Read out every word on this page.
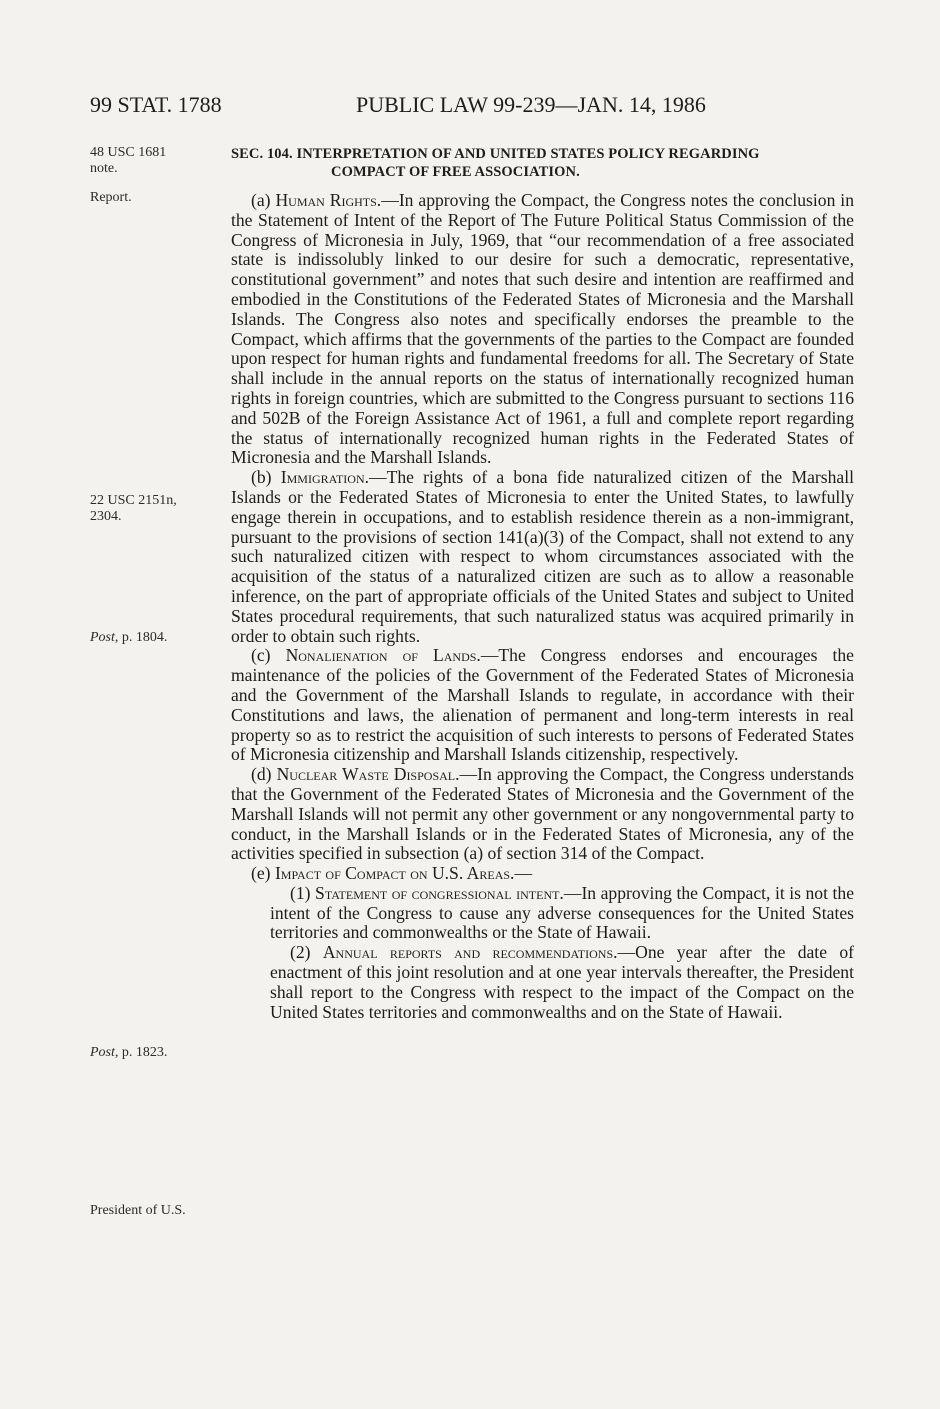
99 STAT. 1788	PUBLIC LAW 99-239—JAN. 14, 1986
48 USC 1681
note.
Report.
22 USC 2151n,
2304.
Post, p. 1804.
Post, p. 1823.
President of U.S.
SEC. 104. INTERPRETATION OF AND UNITED STATES POLICY REGARDING
COMPACT OF FREE ASSOCIATION.

(a) Human Rights.—In approving the Compact, the Congress notes the conclusion in the Statement of Intent of the Report of The Future Political Status Commission of the Congress of Micronesia in July, 1969, that “our recommendation of a free associated state is indissolubly linked to our desire for such a democratic, representative, constitutional government” and notes that such desire and intention are reaffirmed and embodied in the Constitutions of the Federated States of Micronesia and the Marshall Islands. The Congress also notes and specifically endorses the preamble to the Compact, which affirms that the governments of the parties to the Compact are founded upon respect for human rights and fundamental freedoms for all. The Secretary of State shall include in the annual reports on the status of internationally recognized human rights in foreign countries, which are submitted to the Congress pursuant to sections 116 and 502B of the Foreign Assistance Act of 1961, a full and complete report regarding the status of internationally recognized human rights in the Federated States of Micronesia and the Marshall Islands.

(b) Immigration.—The rights of a bona fide naturalized citizen of the Marshall Islands or the Federated States of Micronesia to enter the United States, to lawfully engage therein in occupations, and to establish residence therein as a non-immigrant, pursuant to the provisions of section 141(a)(3) of the Compact, shall not extend to any such naturalized citizen with respect to whom circumstances associated with the acquisition of the status of a naturalized citizen are such as to allow a reasonable inference, on the part of appropriate officials of the United States and subject to United States procedural requirements, that such naturalized status was acquired primarily in order to obtain such rights.

(c) Nonalienation of Lands.—The Congress endorses and encourages the maintenance of the policies of the Government of the Federated States of Micronesia and the Government of the Marshall Islands to regulate, in accordance with their Constitutions and laws, the alienation of permanent and long-term interests in real property so as to restrict the acquisition of such interests to persons of Federated States of Micronesia citizenship and Marshall Islands citizenship, respectively.

(d) Nuclear Waste Disposal.—In approving the Compact, the Congress understands that the Government of the Federated States of Micronesia and the Government of the Marshall Islands will not permit any other government or any nongovernmental party to conduct, in the Marshall Islands or in the Federated States of Micronesia, any of the activities specified in subsection (a) of section 314 of the Compact.

(e) Impact of Compact on U.S. Areas.—

(1) Statement of congressional intent.—In approving the Compact, it is not the intent of the Congress to cause any adverse consequences for the United States territories and commonwealths or the State of Hawaii.

(2) Annual reports and recommendations.—One year after the date of enactment of this joint resolution and at one year intervals thereafter, the President shall report to the Congress with respect to the impact of the Compact on the United States territories and commonwealths and on the State of Hawaii.
